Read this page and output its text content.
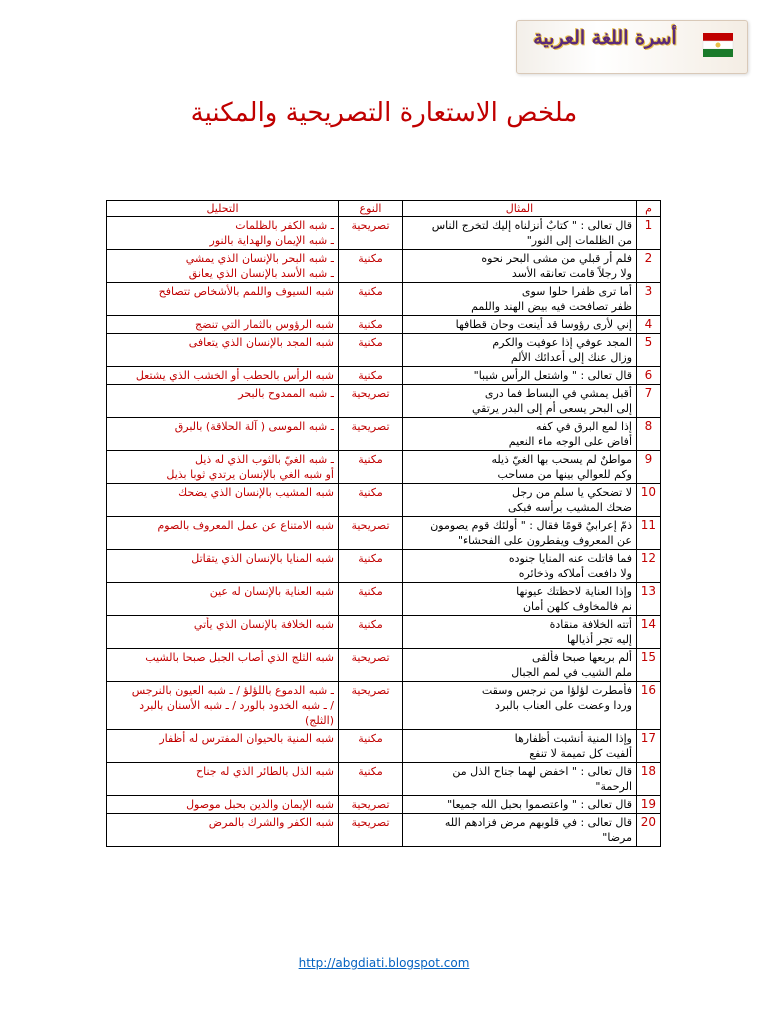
أسرة اللغة العربية
ملخص الاستعارة التصريحية والمكنية
م	المثال	النوع	التحليل
1	قال تعالى : " كتابٌ أنزلناه إليك لتخرج الناس
من الظلمات إلى النور"	تصريحية	ـ شبه الكفر بالظلمات
ـ شبه الإيمان والهداية بالنور

2	فلم أر قبلي من مشى البحر نحوه
ولا رجلاً قامت تعانقه الأسد	مكنية	ـ شبه البحر بالإنسان الذي يمشي
ـ شبه الأسد بالإنسان الذي يعانق

3	أما ترى ظفرا حلوا سوى
ظفر تصافحت فيه بيض الهند واللمم	مكنية	شبه السيوف واللمم بالأشخاص تتصافح

4	إني لأرى رؤوسا قد أينعت وحان قطافها	مكنية	شبه الرؤوس بالثمار التي تنضج

5	المجد عوفي إذا عوفيت والكرم
وزال عنك إلى أعدائك الألم	مكنية	شبه المجد بالإنسان الذي يتعافى

6	قال تعالى : " واشتعل الرأس شيبا"	مكنية	شبه الرأس بالحطب أو الخشب الذي يشتعل

7	أقبل يمشي في البساط فما درى
إلى البحر يسعى أم إلى البدر يرتقي	تصريحية	ـ شبه الممدوح بالبحر

8	إذا لمع البرق في كفه
أفاض على الوجه ماء النعيم	تصريحية	ـ شبه الموسى ( آلة الحلاقة) بالبرق

9	مواطنٌ لم يسحب بها الغيّ ذيله
وكم للعوالي بينها من مساحب	مكنية	ـ شبه الغيّ بالثوب الذي له ذيل
أو شبه الغي بالإنسان يرتدي ثوبا بذيل

10	لا تضحكي يا سلم من رجل
ضحك المشيب برأسه فبكى	مكنية	شبه المشيب بالإنسان الذي يضحك

11	ذمّ إعرابيٌ قومًا فقال : " أولئك قوم يصومون
عن المعروف ويفطرون على الفحشاء"	تصريحية	شبه الامتناع عن عمل المعروف بالصوم

12	فما قاتلت عنه المنايا جنوده
ولا دافعت أملاكه وذخائره	مكنية	شبه المنايا بالإنسان الذي يتقاتل

13	وإذا العناية لاحظتك عيونها
نم فالمخاوف كلهن أمان	مكنية	شبه العناية بالإنسان له عين

14	أتته الخلافة منقادة
إليه تجر أذيالها	مكنية	شبه الخلافة بالإنسان الذي يأتي

15	ألم بربعها صبحا فألقى
ملم الشيب في لمم الجبال	تصريحية	شبه الثلج الذي أصاب الجبل صبحا بالشيب

16	فأمطرت لؤلؤا من نرجس وسقت
وردا وعضت على العناب بالبرد	تصريحية	ـ شبه الدموع باللؤلؤ / ـ شبه العيون بالنرجس
/ ـ شبه الخدود بالورد / ـ شبه الأسنان بالبرد
(الثلج)

17	وإذا المنية أنشبت أظفارها
ألفيت كل تميمة لا تنفع	مكنية	شبه المنية بالحيوان المفترس له أظفار

18	قال تعالى : " اخفض لهما جناح الذل من
الرحمة"	مكنية	شبه الذل بالطائر الذي له جناح

19	قال تعالى : " واعتصموا بحبل الله جميعا"	تصريحية	شبه الإيمان والدين بحبل موصول

20	قال تعالى : في قلوبهم مرض فزادهم الله
مرضا"	تصريحية	شبه الكفر والشرك بالمرض
http://abgdiati.blogspot.com
